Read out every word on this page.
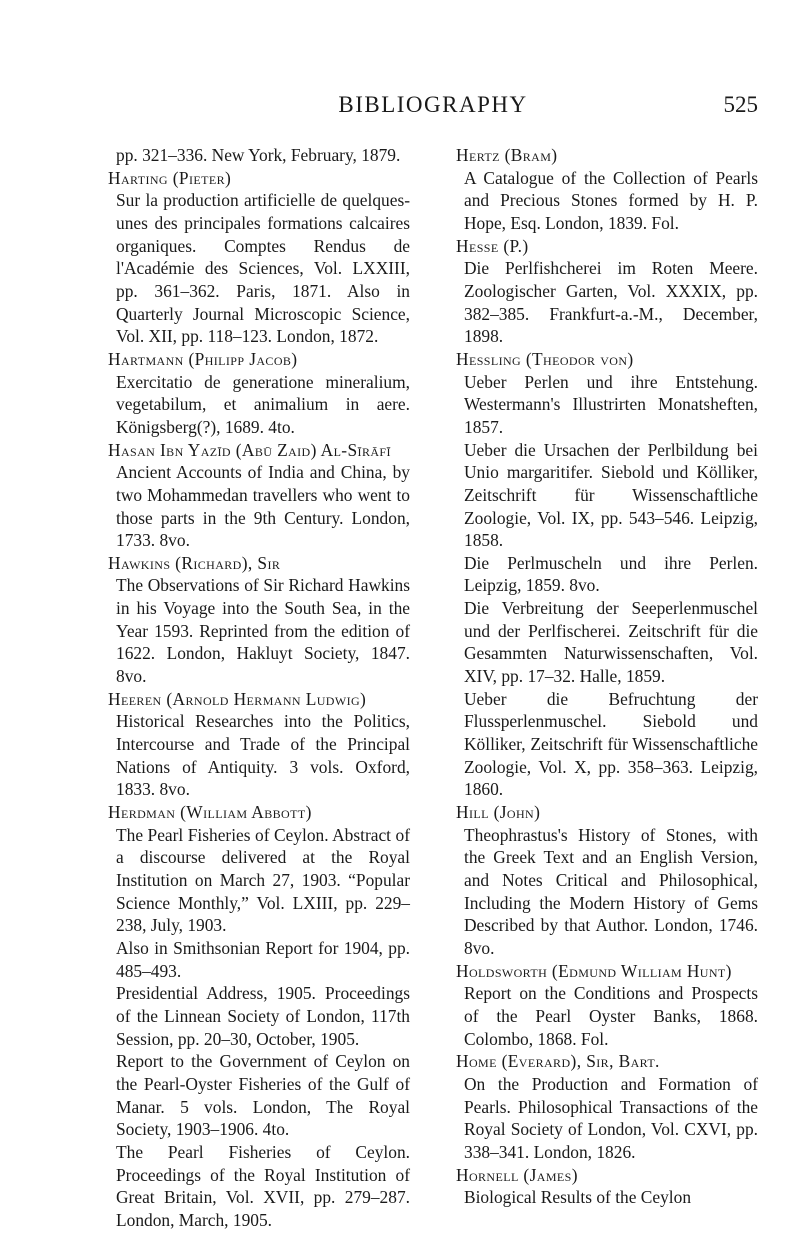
BIBLIOGRAPHY	525

pp. 321–336. New York, February, 1879.

Harting (Pieter)

Sur la production artificielle de quelques-unes des principales formations calcaires organiques. Comptes Rendus de l'Académie des Sciences, Vol. LXXIII, pp. 361–362. Paris, 1871. Also in Quarterly Journal Microscopic Science, Vol. XII, pp. 118–123. London, 1872.

Hartmann (Philipp Jacob)

Exercitatio de generatione mineralium, vegetabilum, et animalium in aere. Königsberg(?), 1689. 4to.

Hasan Ibn Yazīd (Abū Zaid) Al-Sīrāfī

Ancient Accounts of India and China, by two Mohammedan travellers who went to those parts in the 9th Century. London, 1733. 8vo.

Hawkins (Richard), Sir

The Observations of Sir Richard Hawkins in his Voyage into the South Sea, in the Year 1593. Reprinted from the edition of 1622. London, Hakluyt Society, 1847. 8vo.

Heeren (Arnold Hermann Ludwig)

Historical Researches into the Politics, Intercourse and Trade of the Principal Nations of Antiquity. 3 vols. Oxford, 1833. 8vo.

Herdman (William Abbott)

The Pearl Fisheries of Ceylon. Abstract of a discourse delivered at the Royal Institution on March 27, 1903. “Popular Science Monthly,” Vol. LXIII, pp. 229–238, July, 1903.

Also in Smithsonian Report for 1904, pp. 485–493.

Presidential Address, 1905. Proceedings of the Linnean Society of London, 117th Session, pp. 20–30, October, 1905.

Report to the Government of Ceylon on the Pearl-Oyster Fisheries of the Gulf of Manar. 5 vols. London, The Royal Society, 1903–1906. 4to.

The Pearl Fisheries of Ceylon. Proceedings of the Royal Institution of Great Britain, Vol. XVII, pp. 279–287. London, March, 1905.

Hertz (Bram)

A Catalogue of the Collection of Pearls and Precious Stones formed by H. P. Hope, Esq. London, 1839. Fol.

Hesse (P.)

Die Perlfishcherei im Roten Meere. Zoologischer Garten, Vol. XXXIX, pp. 382–385. Frankfurt-a.-M., December, 1898.

Hessling (Theodor von)

Ueber Perlen und ihre Entstehung. Westermann's Illustrirten Monatsheften, 1857.

Ueber die Ursachen der Perlbildung bei Unio margaritifer. Siebold und Kölliker, Zeitschrift für Wissenschaftliche Zoologie, Vol. IX, pp. 543–546. Leipzig, 1858.

Die Perlmuscheln und ihre Perlen. Leipzig, 1859. 8vo.

Die Verbreitung der Seeperlenmuschel und der Perlfischerei. Zeitschrift für die Gesammten Naturwissenschaften, Vol. XIV, pp. 17–32. Halle, 1859.

Ueber die Befruchtung der Flussperlenmuschel. Siebold und Kölliker, Zeitschrift für Wissenschaftliche Zoologie, Vol. X, pp. 358–363. Leipzig, 1860.

Hill (John)

Theophrastus's History of Stones, with the Greek Text and an English Version, and Notes Critical and Philosophical, Including the Modern History of Gems Described by that Author. London, 1746. 8vo.

Holdsworth (Edmund William Hunt)

Report on the Conditions and Prospects of the Pearl Oyster Banks, 1868. Colombo, 1868. Fol.

Home (Everard), Sir, Bart.

On the Production and Formation of Pearls. Philosophical Transactions of the Royal Society of London, Vol. CXVI, pp. 338–341. London, 1826.

Hornell (James)

Biological Results of the Ceylon
